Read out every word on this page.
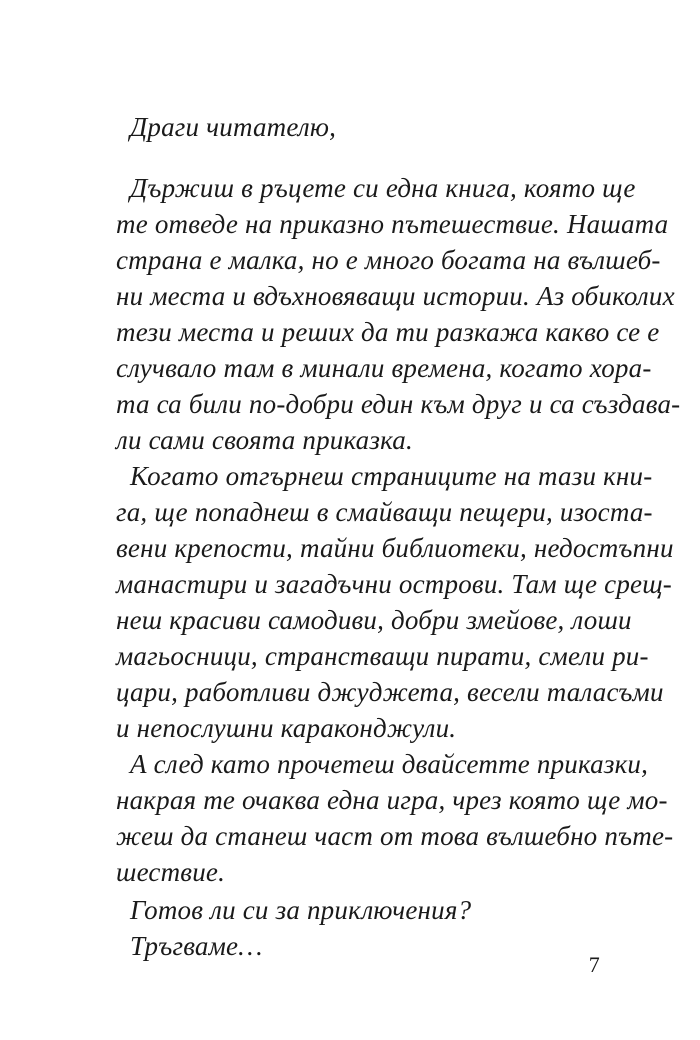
Драги читателю,
Държиш в ръцете си една книга, която ще
те отведе на приказно пътешествие. Нашата
страна е малка, но е много богата на вълшеб-
ни места и вдъхновяващи истории. Аз обиколих
тези места и реших да ти разкажа какво се е
случвало там в минали времена, когато хора-
та са били по-добри един към друг и са създава-
ли сами своята приказка.
Когато отгърнеш страниците на тази кни-
га, ще попаднеш в смайващи пещери, изоста-
вени крепости, тайни библиотеки, недостъпни
манастири и загадъчни острови. Там ще срещ-
неш красиви самодиви, добри змейове, лоши
магьосници, странстващи пирати, смели ри-
цари, работливи джуджета, весели таласъми
и непослушни караконджули.
А след като прочетеш двайсетте приказки,
накрая те очаква една игра, чрез която ще мо-
жеш да станеш част от това вълшебно пъте-
шествие.
Готов ли си за приключения?
Тръгваме…
7
